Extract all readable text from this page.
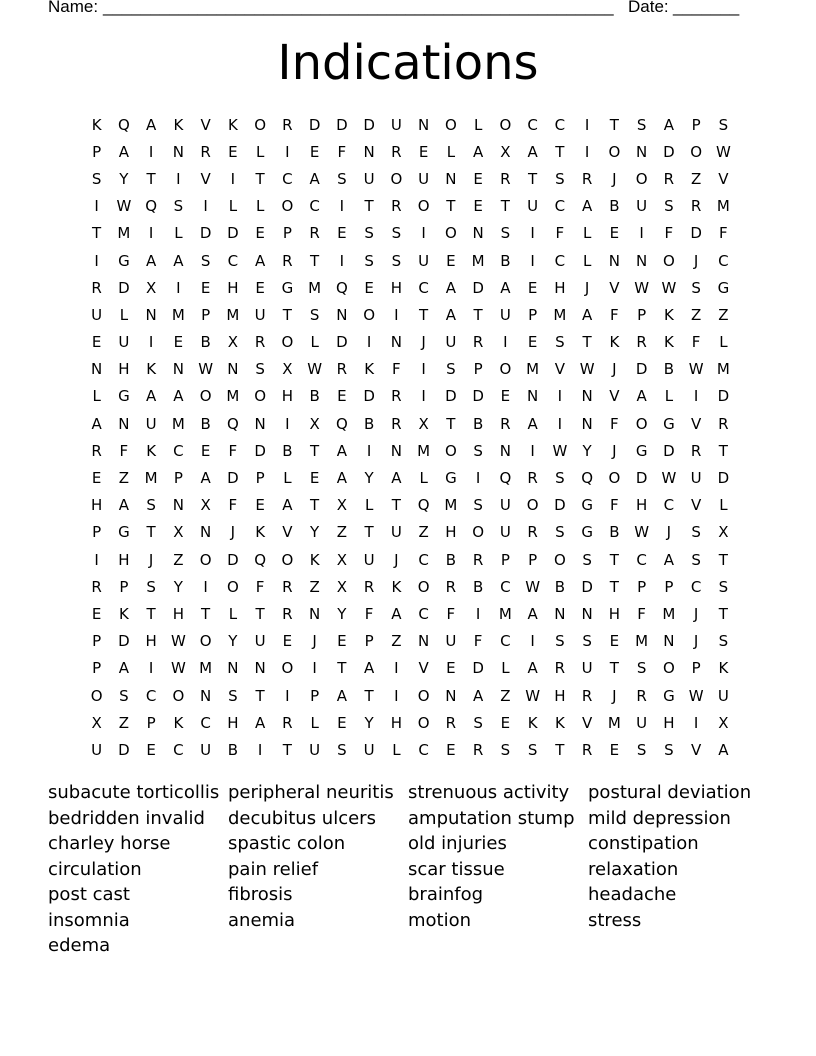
Name: ______________________________________________________ Date: _______
Indications
K	Q	A	K	V	K	O	R	D	D	D	U	N	O	L	O	C	C	I	T	S	A	P	S
P	A	I	N	R	E	L	I	E	F	N	R	E	L	A	X	A	T	I	O	N	D	O W
S	Y	T	I	V	I	T	C	A	S	U	O	U	N	E	R	T	S	R	J	O	R	Z	V
I	W Q	S	I	L	L	O	C	I	T	R	O	T	E	T	U	C	A	B	U	S	R	M
T	M	I	L	D	D	E	P	R	E	S	S	I	O	N	S	I	F	L	E	I	F	D	F
I	G	A	A	S	C	A	R	T	I	S	S	U	E	M	B	I	C	L	N	N	O	J	C
R	D	X	I	E	H	E	G M Q	E	H	C	A	D	A	E	H	J	V W W	S	G
U	L	N	M	P	M	U	T	S	N	O	I	T	A	T	U	P	M	A	F	P	K	Z	Z
E	U	I	E	B	X	R	O	L	D	I	N	J	U	R	I	E	S	T	K	R	K	F	L
N	H	K	N W N	S	X W R	K	F	I	S	P	O M	V W	J	D	B W M
L	G	A	A	O M O	H	B	E	D	R	I	D	D	E	N	I	N	V	A	L	I	D
A	N	U	M	B	Q	N	I	X	Q	B	R	X	T	B	R	A	I	N	F	O	G	V	R
R	F	K	C	E	F	D	B	T	A	I	N	M O	S	N	I	W	Y	J	G	D	R	T
E	Z	M	P	A	D	P	L	E	A	Y	A	L	G	I	Q	R	S	Q	O	D W U	D
H	A	S	N	X	F	E	A	T	X	L	T	Q M	S	U	O	D	G	F	H	C	V	L
P	G	T	X	N	J	K	V	Y	Z	T	U	Z	H	O	U	R	S	G	B W	J	S	X
I	H	J	Z	O	D	Q	O	K	X	U	J	C	B	R	P	P	O	S	T	C	A	S	T
R	P	S	Y	I	O	F	R	Z	X	R	K	O	R	B	C W B	D	T	P	P	C	S
E	K	T	H	T	L	T	R	N	Y	F	A	C	F	I	M	A	N	N	H	F	M	J	T
P	D	H W O	Y	U	E	J	E	P	Z	N	U	F	C	I	S	S	E	M	N	J	S
P	A	I	W M	N	N	O	I	T	A	I	V	E	D	L	A	R	U	T	S	O	P	K
O	S	C	O	N	S	T	I	P	A	T	I	O	N	A	Z W H	R	J	R	G W U
X	Z	P	K	C	H	A	R	L	E	Y	H	O	R	S	E	K	K	V	M	U	H	I	X
U	D	E	C	U	B	I	T	U	S	U	L	C	E	R	S	S	T	R	E	S	S	V	A
subacute torticollis
bedridden invalid
charley horse
circulation
post cast
insomnia
edema
peripheral neuritis
decubitus ulcers
spastic colon
pain relief
fibrosis
anemia
strenuous activity
amputation stump
old injuries
scar tissue
brainfog
motion
postural deviation
mild depression
constipation
relaxation
headache
stress
